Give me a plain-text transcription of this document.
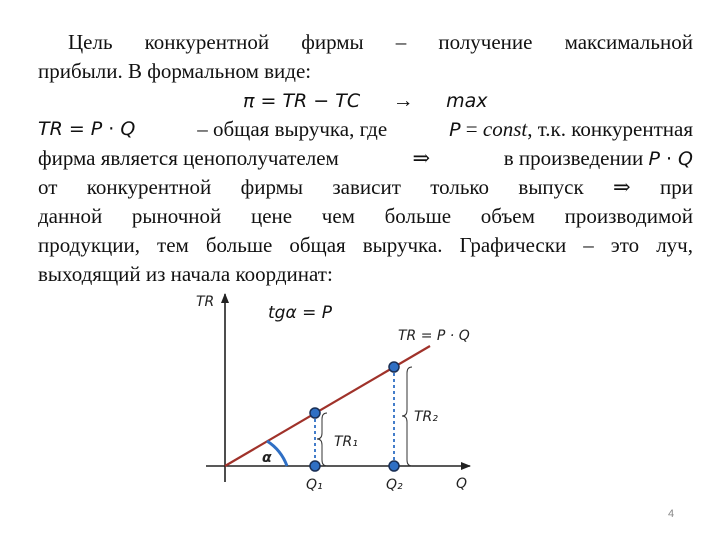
Цель конкурентной фирмы – получение максимальной
прибыли. В формальном виде:
π = TR − TC → max
TR = P ⋅ Q	– общая выручка, где	P = const, т.к. конкурентная
фирма является ценополучателем	⇒	в произведении P ⋅ Q
от конкурентной фирмы зависит только выпуск ⇒ при
данной рыночной цене чем больше объем производимой
продукции, тем больше общая выручка. Графически – это луч,
выходящий из начала координат:
TR
Q
tgα = P
TR = P · Q
α
TR₁
TR₂
Q₁	Q₂
4
